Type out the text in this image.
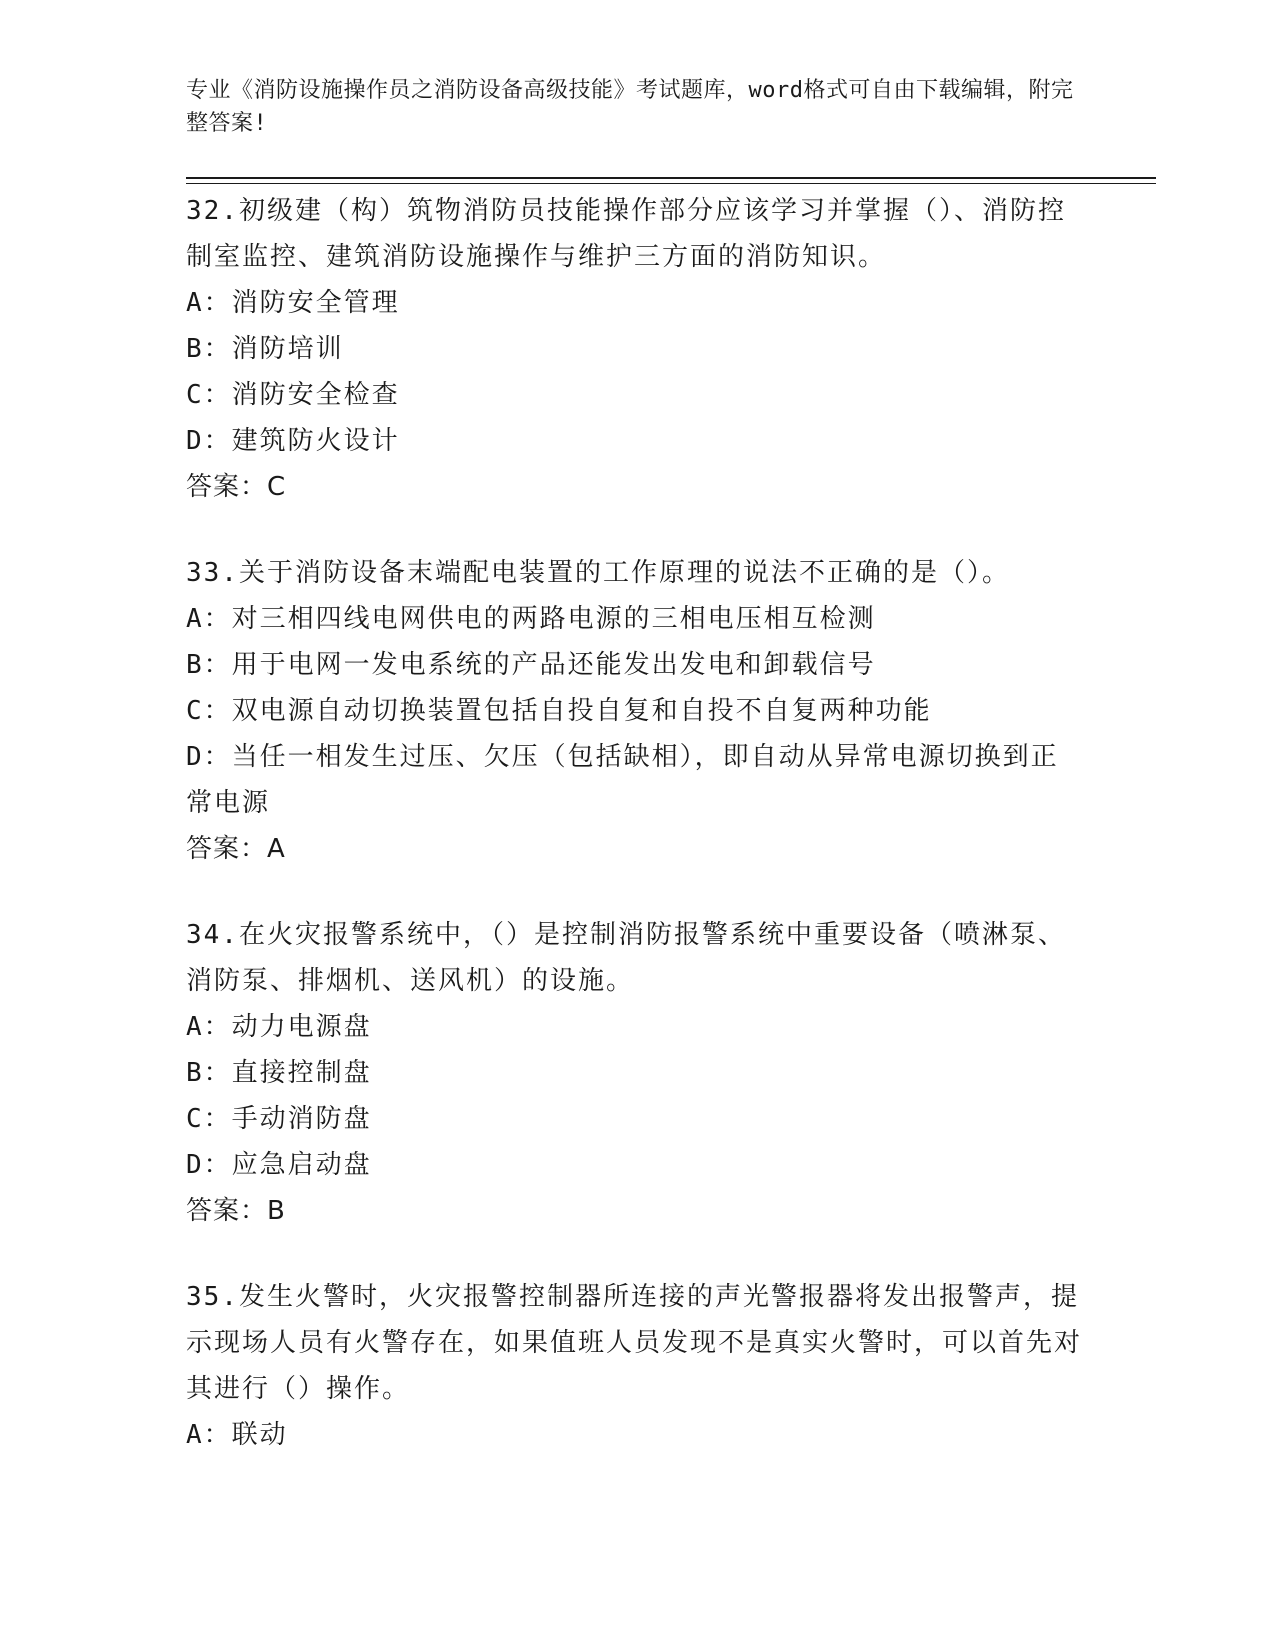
专业《消防设施操作员之消防设备高级技能》考试题库，word格式可自由下载编辑，附完整答案!
32.初级建（构）筑物消防员技能操作部分应该学习并掌握（）、消防控制室监控、建筑消防设施操作与维护三方面的消防知识。
A：消防安全管理
B：消防培训
C：消防安全检查
D：建筑防火设计
答案：C
33.关于消防设备末端配电装置的工作原理的说法不正确的是（）。
A：对三相四线电网供电的两路电源的三相电压相互检测
B：用于电网一发电系统的产品还能发出发电和卸载信号
C：双电源自动切换装置包括自投自复和自投不自复两种功能
D：当任一相发生过压、欠压（包括缺相），即自动从异常电源切换到正常电源
答案：A
34.在火灾报警系统中，（）是控制消防报警系统中重要设备（喷淋泵、消防泵、排烟机、送风机）的设施。
A：动力电源盘
B：直接控制盘
C：手动消防盘
D：应急启动盘
答案：B
35.发生火警时，火灾报警控制器所连接的声光警报器将发出报警声，提示现场人员有火警存在，如果值班人员发现不是真实火警时，可以首先对其进行（）操作。
A：联动
